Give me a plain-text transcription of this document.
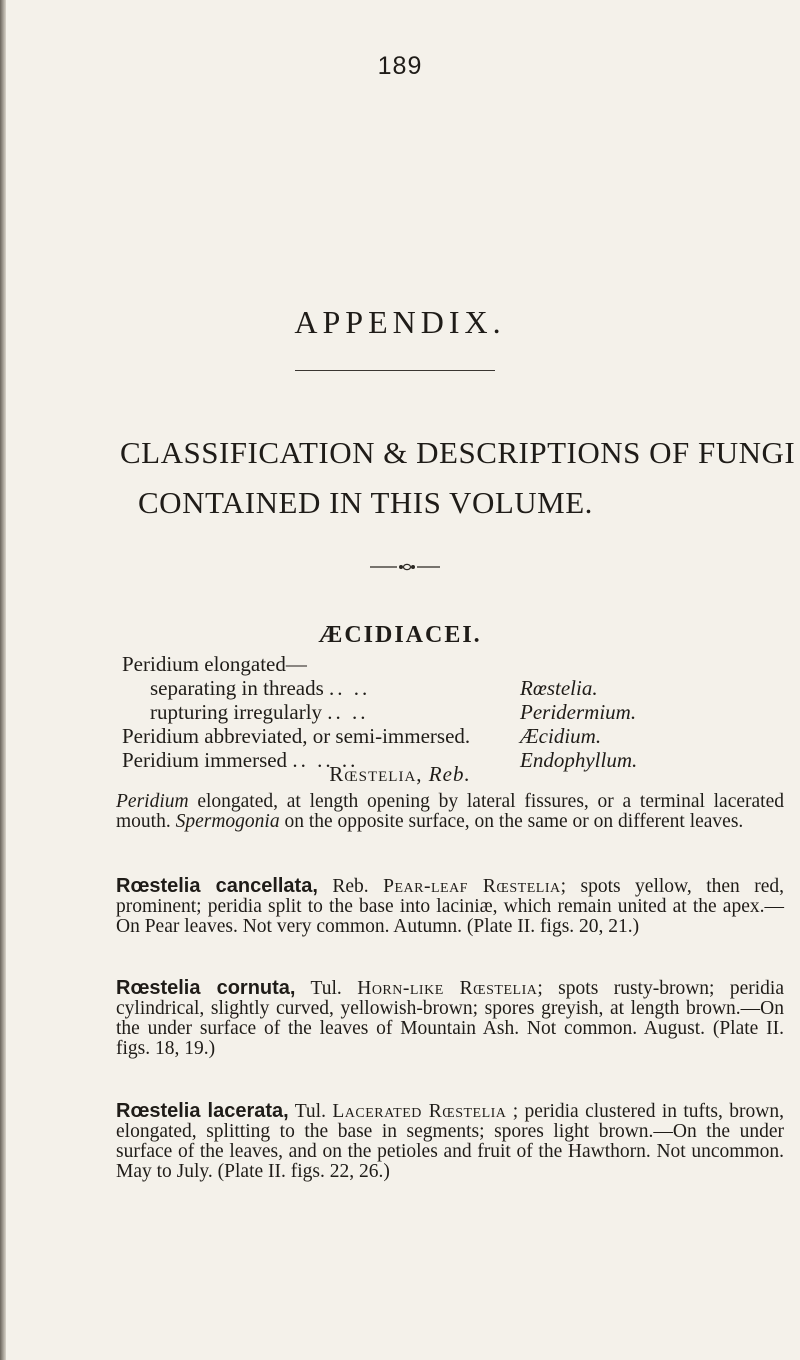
189
APPENDIX.
CLASSIFICATION & DESCRIPTIONS OF FUNGI
CONTAINED IN THIS VOLUME.
ÆCIDIACEI.
Peridium elongated—
separating in threads .. ..	Rœstelia.
rupturing irregularly .. ..	Peridermium.
Peridium abbreviated, or semi-immersed. Æcidium.
Peridium immersed .. .. ..	Endophyllum.
Rœstelia, Reb.

Peridium elongated, at length opening by lateral fissures, or a terminal lacerated mouth. Spermogonia on the opposite surface, on the same or on different leaves.

Rœstelia cancellata, Reb. Pear-leaf Rœstelia; spots yellow, then red, prominent; peridia split to the base into laciniæ, which remain united at the apex.—On Pear leaves. Not very common. Autumn. (Plate II. figs. 20, 21.)

Rœstelia cornuta, Tul. Horn-like Rœstelia; spots rusty-brown; peridia cylindrical, slightly curved, yellowish-brown; spores greyish, at length brown.—On the under surface of the leaves of Mountain Ash. Not common. August. (Plate II. figs. 18, 19.)

Rœstelia lacerata, Tul. Lacerated Rœstelia ; peridia clustered in tufts, brown, elongated, splitting to the base in segments; spores light brown.—On the under surface of the leaves, and on the petioles and fruit of the Hawthorn. Not uncommon. May to July. (Plate II. figs. 22, 26.)
